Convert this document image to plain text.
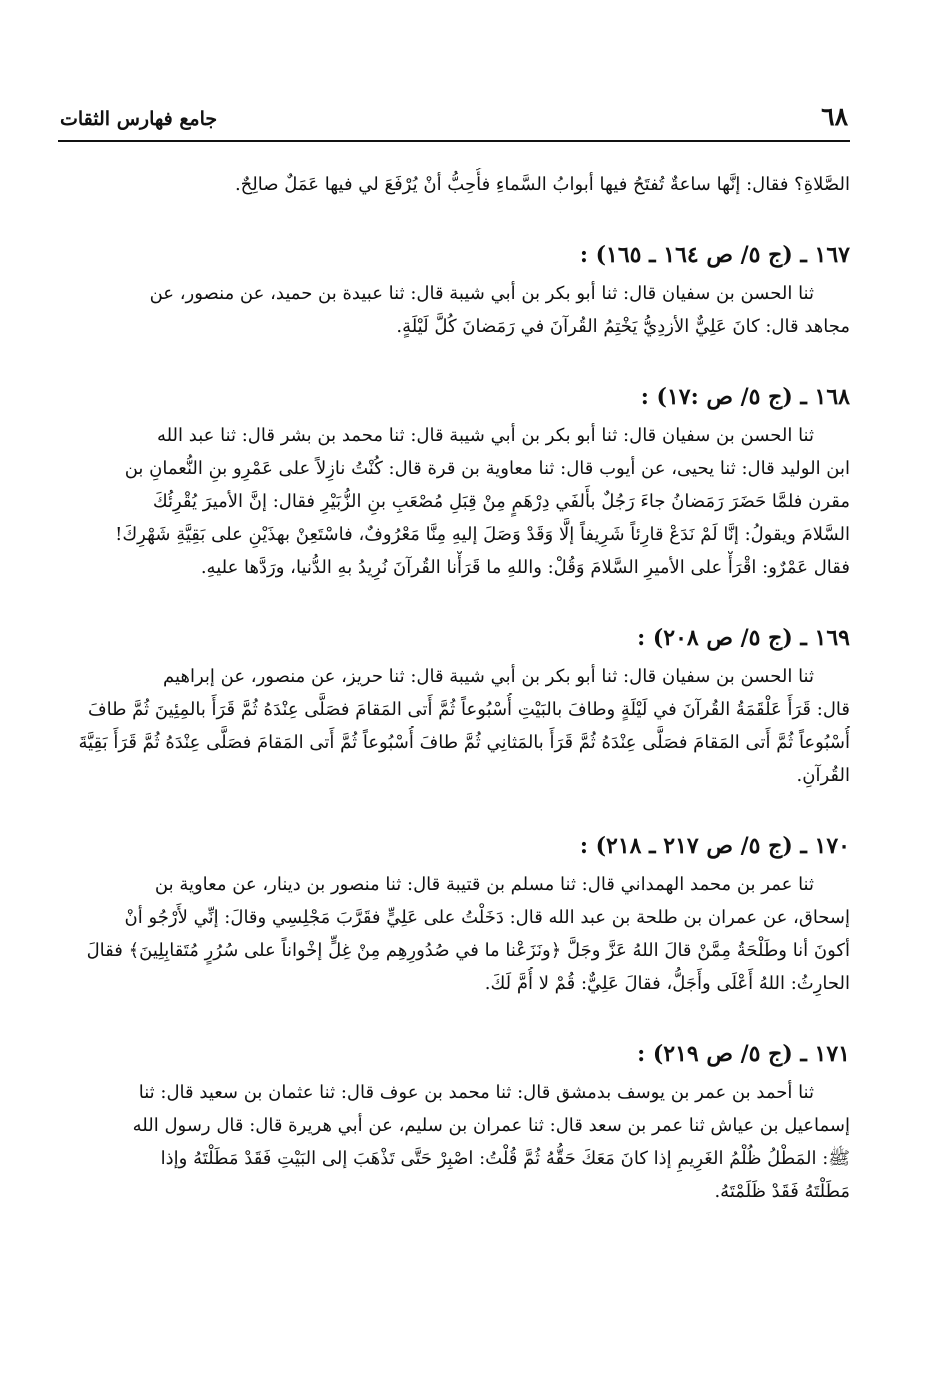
٦٨
جامع فهارس الثقات
الصَّلاةِ؟ فقال: إنَّها ساعةٌ تُفتَحُ فيها أبوابُ السَّماءِ فأُحِبُّ أنْ يُرْفَعَ لي فيها عَمَلٌ صالِحٌ.
١٦٧ ـ (ج ٥/ ص ١٦٤ ـ ١٦٥) :
ثنا الحسن بن سفيان قال: ثنا أبو بكر بن أبي شيبة قال: ثنا عبيدة بن حميد، عن منصور، عن
مجاهد قال: كانَ عَلِيٌّ الأزدِيُّ يَخْتِمُ القُرآنَ في رَمَضانَ كُلَّ لَيْلَةٍ.
١٦٨ ـ (ج ٥/ ص :١٧) :
ثنا الحسن بن سفيان قال: ثنا أبو بكر بن أبي شيبة قال: ثنا محمد بن بشر قال: ثنا عبد الله
ابن الوليد قال: ثنا يحيى، عن أيوب قال: ثنا معاوية بن قرة قال: كُنْتُ نازِلاً على عَمْرِو بنِ النُّعمانِ بن
مقرن فلمَّا حَضَرَ رَمَضانُ جاءَ رَجُلٌ بأَلفَي دِرْهَمٍ مِنْ قِبَلِ مُصْعَبِ بنِ الزُّبَيْرِ فقال: إنَّ الأميرَ يُقْرِئُكَ
السَّلامَ ويقولُ: إنَّا لَمْ نَدَعْ قارِئاً شَرِيفاً إلَّا وَقَدْ وَصَلَ إليهِ مِنَّا مَعْرُوفٌ، فاسْتَعِنْ بهذَيْنِ على بَقِيَّةِ شَهْرِكَ!
فقال عَمْرٌو: اقْرَأْ على الأميرِ السَّلامَ وَقُلْ: واللهِ ما قَرَأْنا القُرآنَ نُرِيدُ بهِ الدُّنيا، ورَدَّها عليهِ.
١٦٩ ـ (ج ٥/ ص ٢٠٨) :
ثنا الحسن بن سفيان قال: ثنا أبو بكر بن أبي شيبة قال: ثنا حريز، عن منصور، عن إبراهيم
قال: قَرَأَ عَلْقَمَةُ القُرآنَ في لَيْلَةٍ وطافَ بالبَيْتِ أُسْبُوعاً ثُمَّ أَتى المَقامَ فصَلَّى عِنْدَهُ ثُمَّ قَرَأَ بالمِئِينَ ثُمَّ طافَ
أُسْبُوعاً ثُمَّ أَتى المَقامَ فصَلَّى عِنْدَهُ ثُمَّ قَرَأَ بالمَثانِي ثُمَّ طافَ أُسْبُوعاً ثُمَّ أَتى المَقامَ فصَلَّى عِنْدَهُ ثُمَّ قَرَأَ بَقِيَّةَ
القُرآنِ.
١٧٠ ـ (ج ٥/ ص ٢١٧ ـ ٢١٨) :
ثنا عمر بن محمد الهمداني قال: ثنا مسلم بن قتيبة قال: ثنا منصور بن دينار، عن معاوية بن
إسحاق، عن عمران بن طلحة بن عبد الله قال: دَخَلْتُ على عَلِيٍّ فقَرَّبَ مَجْلِسِي وقالَ: إنِّي لأَرْجُو أنْ
أكونَ أنا وطَلْحَةُ مِمَّنْ قالَ اللهُ عَزَّ وجَلَّ ﴿ونَزَعْنا ما في صُدُورِهِم مِنْ غِلٍّ إخْواناً على سُرُرٍ مُتَقابِلِينَ﴾ فقالَ
الحارِثُ: اللهُ أَعْلَى وأَجَلُّ، فقالَ عَلِيٌّ: قُمْ لا أُمَّ لَكَ.
١٧١ ـ (ج ٥/ ص ٢١٩) :
ثنا أحمد بن عمر بن يوسف بدمشق قال: ثنا محمد بن عوف قال: ثنا عثمان بن سعيد قال: ثنا
إسماعيل بن عياش ثنا عمر بن سعد قال: ثنا عمران بن سليم، عن أبي هريرة قال: قال رسول الله
ﷺ: المَطْلُ ظُلْمُ الغَرِيمِ إذا كانَ مَعَكَ حَقُّهُ ثُمَّ قُلْتُ: اصْبِرْ حَتَّى تَذْهَبَ إلى البَيْتِ فَقَدْ مَطَلْتَهُ وإذا
مَطَلْتَهُ فَقَدْ ظَلَمْتَهُ.
